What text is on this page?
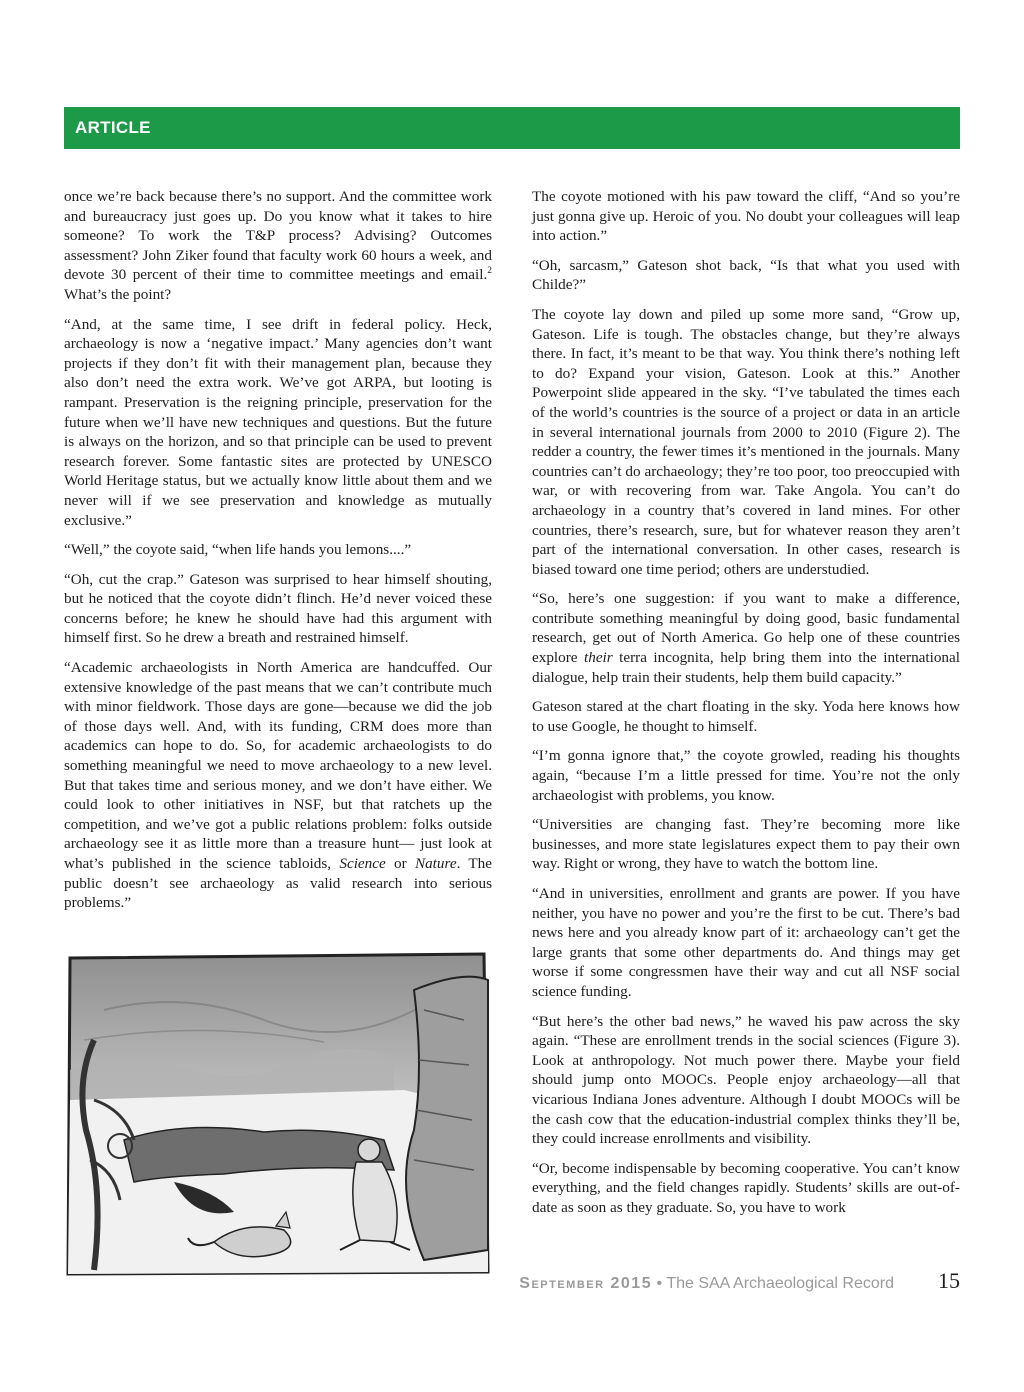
ARTICLE

once we’re back because there’s no support. And the committee work and bureaucracy just goes up. Do you know what it takes to hire someone? To work the T&P process? Advising? Outcomes assessment? John Ziker found that faculty work 60 hours a week, and devote 30 percent of their time to committee meetings and email.$^2$ What’s the point?

“And, at the same time, I see drift in federal policy. Heck, archaeology is now a ‘negative impact.’ Many agencies don’t want projects if they don’t fit with their management plan, because they also don’t need the extra work. We’ve got ARPA, but looting is rampant. Preservation is the reigning principle, preservation for the future when we’ll have new techniques and questions. But the future is always on the horizon, and so that principle can be used to prevent research forever. Some fantastic sites are protected by UNESCO World Heritage status, but we actually know little about them and we never will if we see preservation and knowledge as mutually exclusive.”

“Well,” the coyote said, “when life hands you lemons....”

“Oh, cut the crap.” Gateson was surprised to hear himself shouting, but he noticed that the coyote didn’t flinch. He’d never voiced these concerns before; he knew he should have had this argument with himself first. So he drew a breath and restrained himself.

“Academic archaeologists in North America are handcuffed. Our extensive knowledge of the past means that we can’t contribute much with minor fieldwork. Those days are gone—because we did the job of those days well. And, with its funding, CRM does more than academics can hope to do. So, for academic archaeologists to do something meaningful we need to move archaeology to a new level. But that takes time and serious money, and we don’t have either. We could look to other initiatives in NSF, but that ratchets up the competition, and we’ve got a public relations problem: folks outside archaeology see it as little more than a treasure hunt— just look at what’s published in the science tabloids, Science or Nature. The public doesn’t see archaeology as valid research into serious problems.”

The coyote motioned with his paw toward the cliff, “And so you’re just gonna give up. Heroic of you. No doubt your colleagues will leap into action.”

“Oh, sarcasm,” Gateson shot back, “Is that what you used with Childe?”

The coyote lay down and piled up some more sand, “Grow up, Gateson. Life is tough. The obstacles change, but they’re always there. In fact, it’s meant to be that way. You think there’s nothing left to do? Expand your vision, Gateson. Look at this.” Another Powerpoint slide appeared in the sky. “I’ve tabulated the times each of the world’s countries is the source of a project or data in an article in several international journals from 2000 to 2010 (Figure 2). The redder a country, the fewer times it’s mentioned in the journals. Many countries can’t do archaeology; they’re too poor, too preoccupied with war, or with recovering from war. Take Angola. You can’t do archaeology in a country that’s covered in land mines. For other countries, there’s research, sure, but for whatever reason they aren’t part of the international conversation. In other cases, research is biased toward one time period; others are understudied.

“So, here’s one suggestion: if you want to make a difference, contribute something meaningful by doing good, basic fundamental research, get out of North America. Go help one of these countries explore their terra incognita, help bring them into the international dialogue, help train their students, help them build capacity.”

Gateson stared at the chart floating in the sky. Yoda here knows how to use Google, he thought to himself.

“I’m gonna ignore that,” the coyote growled, reading his thoughts again, “because I’m a little pressed for time. You’re not the only archaeologist with problems, you know.

“Universities are changing fast. They’re becoming more like businesses, and more state legislatures expect them to pay their own way. Right or wrong, they have to watch the bottom line.

“And in universities, enrollment and grants are power. If you have neither, you have no power and you’re the first to be cut. There’s bad news here and you already know part of it: archaeology can’t get the large grants that some other departments do. And things may get worse if some congressmen have their way and cut all NSF social science funding.

“But here’s the other bad news,” he waved his paw across the sky again. “These are enrollment trends in the social sciences (Figure 3). Look at anthropology. Not much power there. Maybe your field should jump onto MOOCs. People enjoy archaeology—all that vicarious Indiana Jones adventure. Although I doubt MOOCs will be the cash cow that the education-industrial complex thinks they’ll be, they could increase enrollments and visibility.

“Or, become indispensable by becoming cooperative. You can’t know everything, and the field changes rapidly. Students’ skills are out-of-date as soon as they graduate. So, you have to work

September 2015 • The SAA Archaeological Record 15
